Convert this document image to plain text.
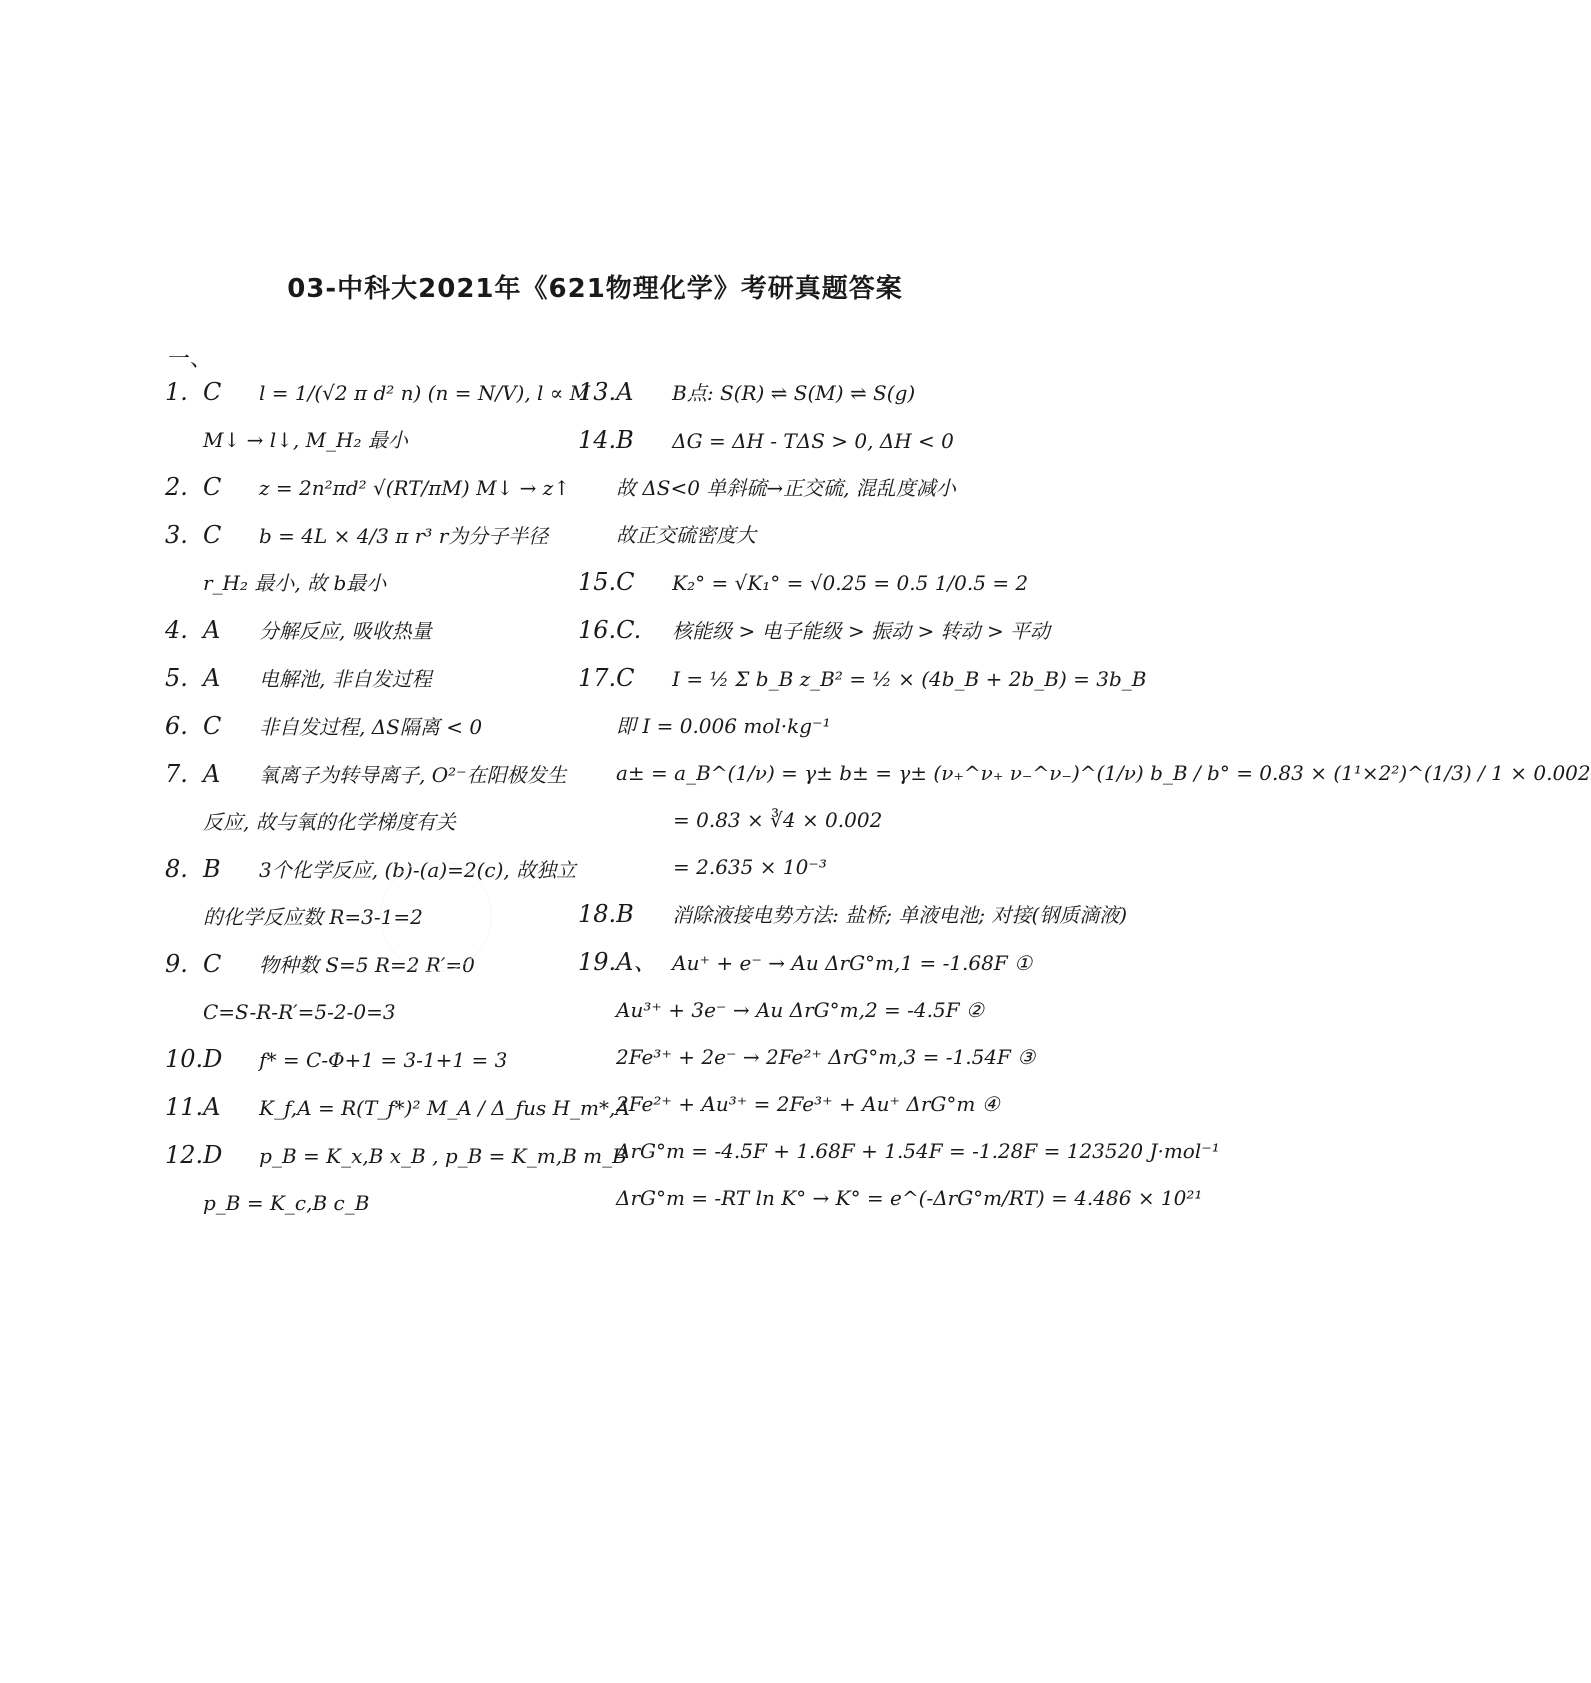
03-中科大2021年《621物理化学》考研真题答案
一、
1. C l = 1/(√2 π d² n) (n = N/V), l ∝ M
M↓ → l↓, M_H₂ 最小
2. C z = 2n²πd² √(RT/πM) M↓ → z↑
3. C b = 4L × 4/3 π r³ r为分子半径
r_H₂ 最小, 故 b最小
4. A 分解反应, 吸收热量
5. A 电解池, 非自发过程
6. C 非自发过程, ΔS隔离 < 0
7. A 氧离子为转导离子, O²⁻在阳极发生
反应, 故与氧的化学梯度有关
8. B 3个化学反应, (b)-(a)=2(c), 故独立
的化学反应数 R=3-1=2
9. C 物种数 S=5 R=2 R′=0
C=S-R-R′=5-2-0=3
10.D f* = C-Φ+1 = 3-1+1 = 3
11.A K_f,A = R(T_f*)² M_A / Δ_fus H_m*,A
12.D p_B = K_x,B x_B , p_B = K_m,B m_B
p_B = K_c,B c_B
13.A B点: S(R) ⇌ S(M) ⇌ S(g)
14.B ΔG = ΔH - TΔS > 0, ΔH < 0
故 ΔS<0 单斜硫→正交硫, 混乱度减小
故正交硫密度大
15.C K₂° = √K₁° = √0.25 = 0.5 1/0.5 = 2
16.C. 核能级 > 电子能级 > 振动 > 转动 > 平动
17.C I = ½ Σ b_B z_B² = ½ × (4b_B + 2b_B) = 3b_B
即 I = 0.006 mol·kg⁻¹
a± = a_B^(1/ν) = γ± b± = γ± (ν₊^ν₊ ν₋^ν₋)^(1/ν) b_B / b° = 0.83 × (1¹×2²)^(1/3) / 1 × 0.002
= 0.83 × ∛4 × 0.002
= 2.635 × 10⁻³
18.B 消除液接电势方法: 盐桥; 单液电池; 对接(钢质滴液)
19.A、 Au⁺ + e⁻ → Au ΔrG°m,1 = -1.68F ①
Au³⁺ + 3e⁻ → Au ΔrG°m,2 = -4.5F ②
2Fe³⁺ + 2e⁻ → 2Fe²⁺ ΔrG°m,3 = -1.54F ③
2Fe²⁺ + Au³⁺ = 2Fe³⁺ + Au⁺ ΔrG°m ④
ΔrG°m = -4.5F + 1.68F + 1.54F = -1.28F = 123520 J·mol⁻¹
ΔrG°m = -RT ln K° → K° = e^(-ΔrG°m/RT) = 4.486 × 10²¹
